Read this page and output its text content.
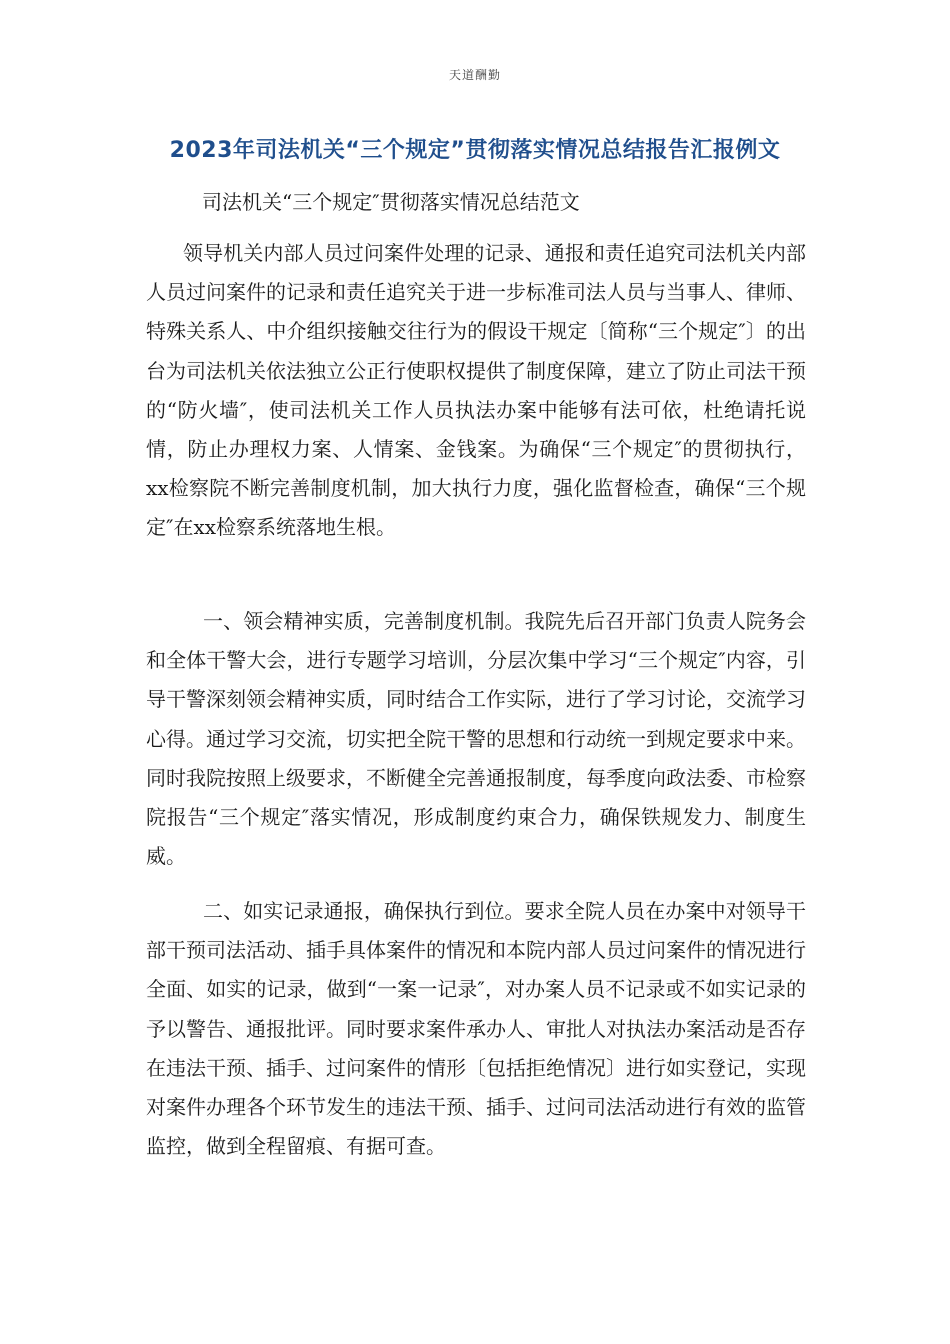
天道酬勤
2023年司法机关“三个规定”贯彻落实情况总结报告汇报例文
司法机关“三个规定″贯彻落实情况总结范文

领导机关内部人员过问案件处理的记录、通报和责任追究司法机关内部人员过问案件的记录和责任追究关于进一步标准司法人员与当事人、律师、特殊关系人、中介组织接触交往行为的假设干规定〔简称“三个规定″〕的出台为司法机关依法独立公正行使职权提供了制度保障，建立了防止司法干预的“防火墙″，使司法机关工作人员执法办案中能够有法可依，杜绝请托说情，防止办理权力案、人情案、金钱案。为确保“三个规定″的贯彻执行，xx检察院不断完善制度机制，加大执行力度，强化监督检查，确保“三个规定″在xx检察系统落地生根。

一、领会精神实质，完善制度机制。我院先后召开部门负责人院务会和全体干警大会，进行专题学习培训，分层次集中学习“三个规定″内容，引导干警深刻领会精神实质，同时结合工作实际，进行了学习讨论，交流学习心得。通过学习交流，切实把全院干警的思想和行动统一到规定要求中来。同时我院按照上级要求，不断健全完善通报制度，每季度向政法委、市检察院报告“三个规定″落实情况，形成制度约束合力，确保铁规发力、制度生威。

二、如实记录通报，确保执行到位。要求全院人员在办案中对领导干部干预司法活动、插手具体案件的情况和本院内部人员过问案件的情况进行全面、如实的记录，做到“一案一记录″，对办案人员不记录或不如实记录的予以警告、通报批评。同时要求案件承办人、审批人对执法办案活动是否存在违法干预、插手、过问案件的情形〔包括拒绝情况〕进行如实登记，实现对案件办理各个环节发生的违法干预、插手、过问司法活动进行有效的监管监控，做到全程留痕、有据可查。
